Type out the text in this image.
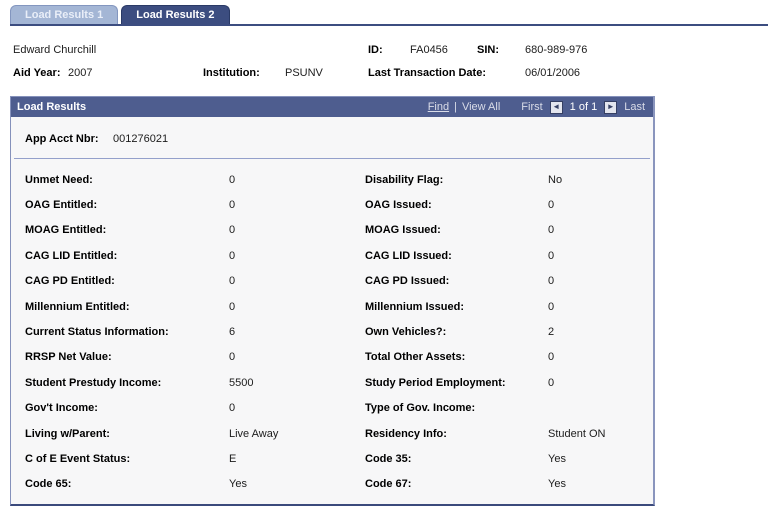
Load Results 1	Load Results 2
Edward Churchill	ID: FA0456	SIN: 680-989-976
Aid Year: 2007	Institution: PSUNV	Last Transaction Date:	06/01/2006
Load Results	Find | View All First ◄ 1 of 1 ► Last
App Acct Nbr:	001276021
Unmet Need:	0	Disability Flag:	No
OAG Entitled:	0	OAG Issued:	0
MOAG Entitled:	0	MOAG Issued:	0
CAG LID Entitled:	0	CAG LID Issued:	0
CAG PD Entitled:	0	CAG PD Issued:	0
Millennium Entitled:	0	Millennium Issued:	0
Current Status Information:	6	Own Vehicles?:	2
RRSP Net Value:	0	Total Other Assets:	0
Student Prestudy Income:	5500	Study Period Employment:	0
Gov't Income:	0	Type of Gov. Income:
Living w/Parent:	Live Away	Residency Info:	Student ON
C of E Event Status:	E	Code 35:	Yes
Code 65:	Yes	Code 67:	Yes
